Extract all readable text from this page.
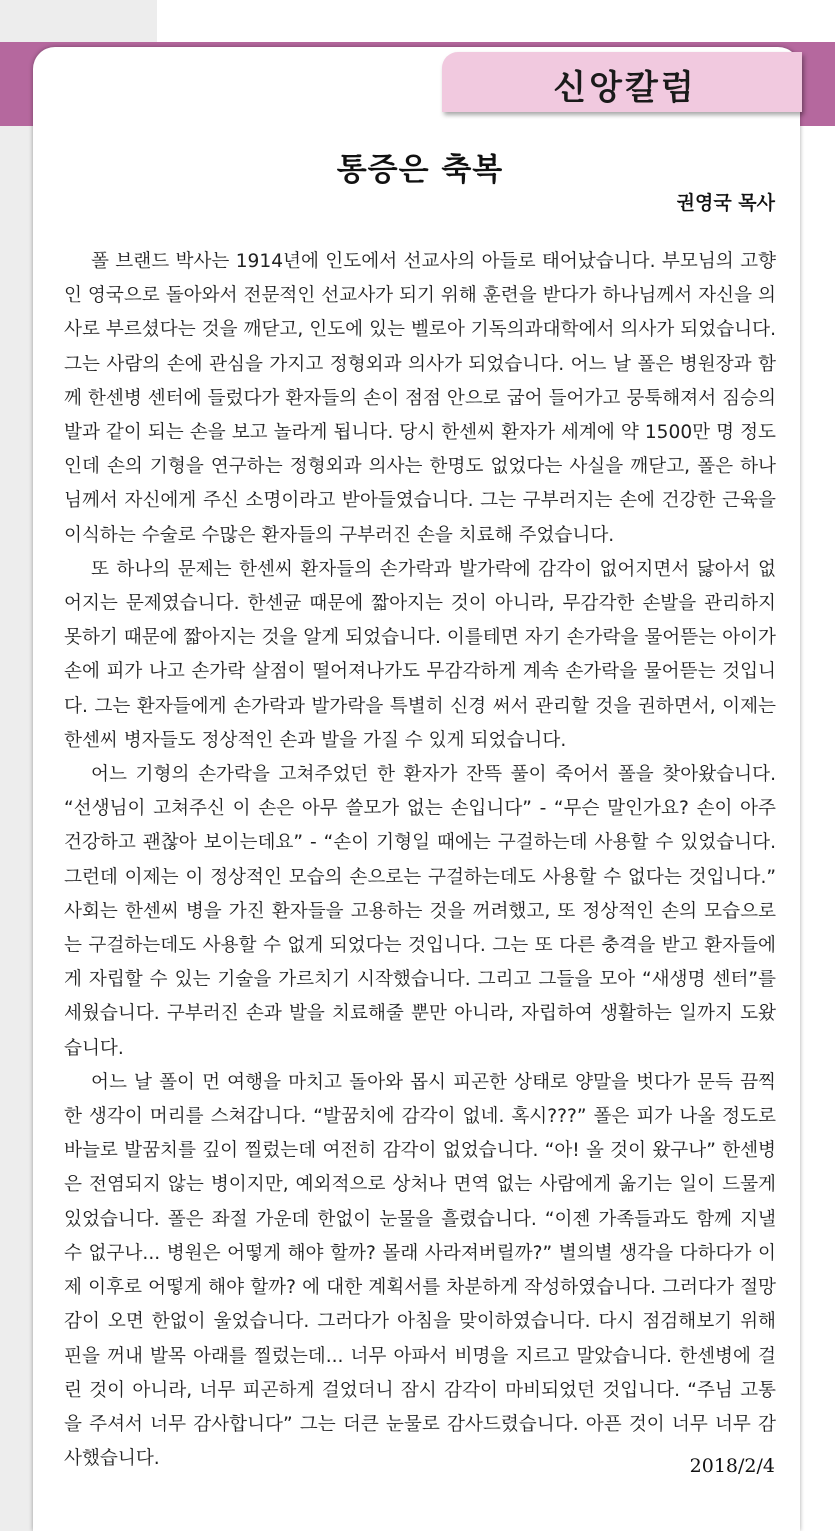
신앙칼럼
통증은 축복
권영국 목사

폴 브랜드 박사는 1914년에 인도에서 선교사의 아들로 태어났습니다. 부모님의 고향인 영국으로 돌아와서 전문적인 선교사가 되기 위해 훈련을 받다가 하나님께서 자신을 의사로 부르셨다는 것을 깨닫고, 인도에 있는 벨로아 기독의과대학에서 의사가 되었습니다. 그는 사람의 손에 관심을 가지고 정형외과 의사가 되었습니다. 어느 날 폴은 병원장과 함께 한센병 센터에 들렀다가 환자들의 손이 점점 안으로 굽어 들어가고 뭉툭해져서 짐승의 발과 같이 되는 손을 보고 놀라게 됩니다. 당시 한센씨 환자가 세계에 약 1500만 명 정도인데 손의 기형을 연구하는 정형외과 의사는 한명도 없었다는 사실을 깨닫고, 폴은 하나님께서 자신에게 주신 소명이라고 받아들였습니다. 그는 구부러지는 손에 건강한 근육을 이식하는 수술로 수많은 환자들의 구부러진 손을 치료해 주었습니다.

또 하나의 문제는 한센씨 환자들의 손가락과 발가락에 감각이 없어지면서 닳아서 없어지는 문제였습니다. 한센균 때문에 짧아지는 것이 아니라, 무감각한 손발을 관리하지 못하기 때문에 짧아지는 것을 알게 되었습니다. 이를테면 자기 손가락을 물어뜯는 아이가 손에 피가 나고 손가락 살점이 떨어져나가도 무감각하게 계속 손가락을 물어뜯는 것입니다. 그는 환자들에게 손가락과 발가락을 특별히 신경 써서 관리할 것을 권하면서, 이제는 한센씨 병자들도 정상적인 손과 발을 가질 수 있게 되었습니다.

어느 기형의 손가락을 고쳐주었던 한 환자가 잔뜩 풀이 죽어서 폴을 찾아왔습니다. “선생님이 고쳐주신 이 손은 아무 쓸모가 없는 손입니다” - “무슨 말인가요? 손이 아주 건강하고 괜찮아 보이는데요” - “손이 기형일 때에는 구걸하는데 사용할 수 있었습니다. 그런데 이제는 이 정상적인 모습의 손으로는 구걸하는데도 사용할 수 없다는 것입니다.” 사회는 한센씨 병을 가진 환자들을 고용하는 것을 꺼려했고, 또 정상적인 손의 모습으로는 구걸하는데도 사용할 수 없게 되었다는 것입니다. 그는 또 다른 충격을 받고 환자들에게 자립할 수 있는 기술을 가르치기 시작했습니다. 그리고 그들을 모아 “새생명 센터”를 세웠습니다. 구부러진 손과 발을 치료해줄 뿐만 아니라, 자립하여 생활하는 일까지 도왔습니다.

어느 날 폴이 먼 여행을 마치고 돌아와 몹시 피곤한 상태로 양말을 벗다가 문득 끔찍한 생각이 머리를 스쳐갑니다. “발꿈치에 감각이 없네. 혹시???” 폴은 피가 나올 정도로 바늘로 발꿈치를 깊이 찔렀는데 여전히 감각이 없었습니다. “아! 올 것이 왔구나” 한센병은 전염되지 않는 병이지만, 예외적으로 상처나 면역 없는 사람에게 옮기는 일이 드물게 있었습니다. 폴은 좌절 가운데 한없이 눈물을 흘렸습니다. “이젠 가족들과도 함께 지낼 수 없구나... 병원은 어떻게 해야 할까? 몰래 사라져버릴까?” 별의별 생각을 다하다가 이제 이후로 어떻게 해야 할까? 에 대한 계획서를 차분하게 작성하였습니다. 그러다가 절망감이 오면 한없이 울었습니다. 그러다가 아침을 맞이하였습니다. 다시 점검해보기 위해 핀을 꺼내 발목 아래를 찔렀는데... 너무 아파서 비명을 지르고 말았습니다. 한센병에 걸린 것이 아니라, 너무 피곤하게 걸었더니 잠시 감각이 마비되었던 것입니다. “주님 고통을 주셔서 너무 감사합니다” 그는 더큰 눈물로 감사드렸습니다. 아픈 것이 너무 너무 감사했습니다.	2018/2/4
